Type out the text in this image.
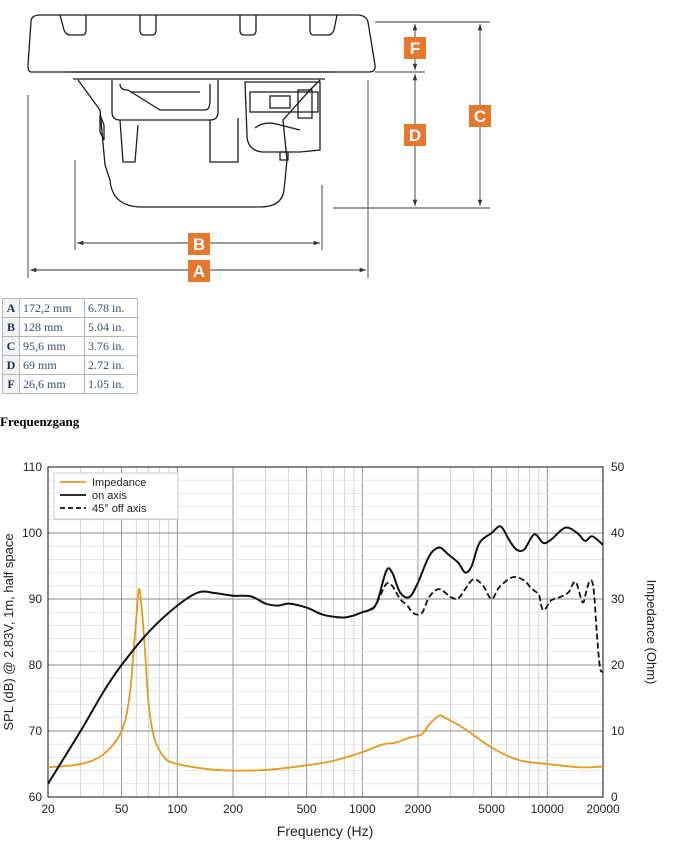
A
B
C
F
D
A	172,2 mm	6.78 in.
B	128 mm	5.04 in.
C	95,6 mm	3.76 in.
D	69 mm	2.72 in.
F	26,6 mm	1.05 in.
Frequenzgang
20	50	100	200	500	1000 2000	5000 10000 20000
60
70
80
90
100
110
0
10
20
30
40
50
Impedance
on axis
45° off axis
Frequency (Hz)
SPL (dB) @ 2.83V, 1m, half space	Impedance (Ohm)
